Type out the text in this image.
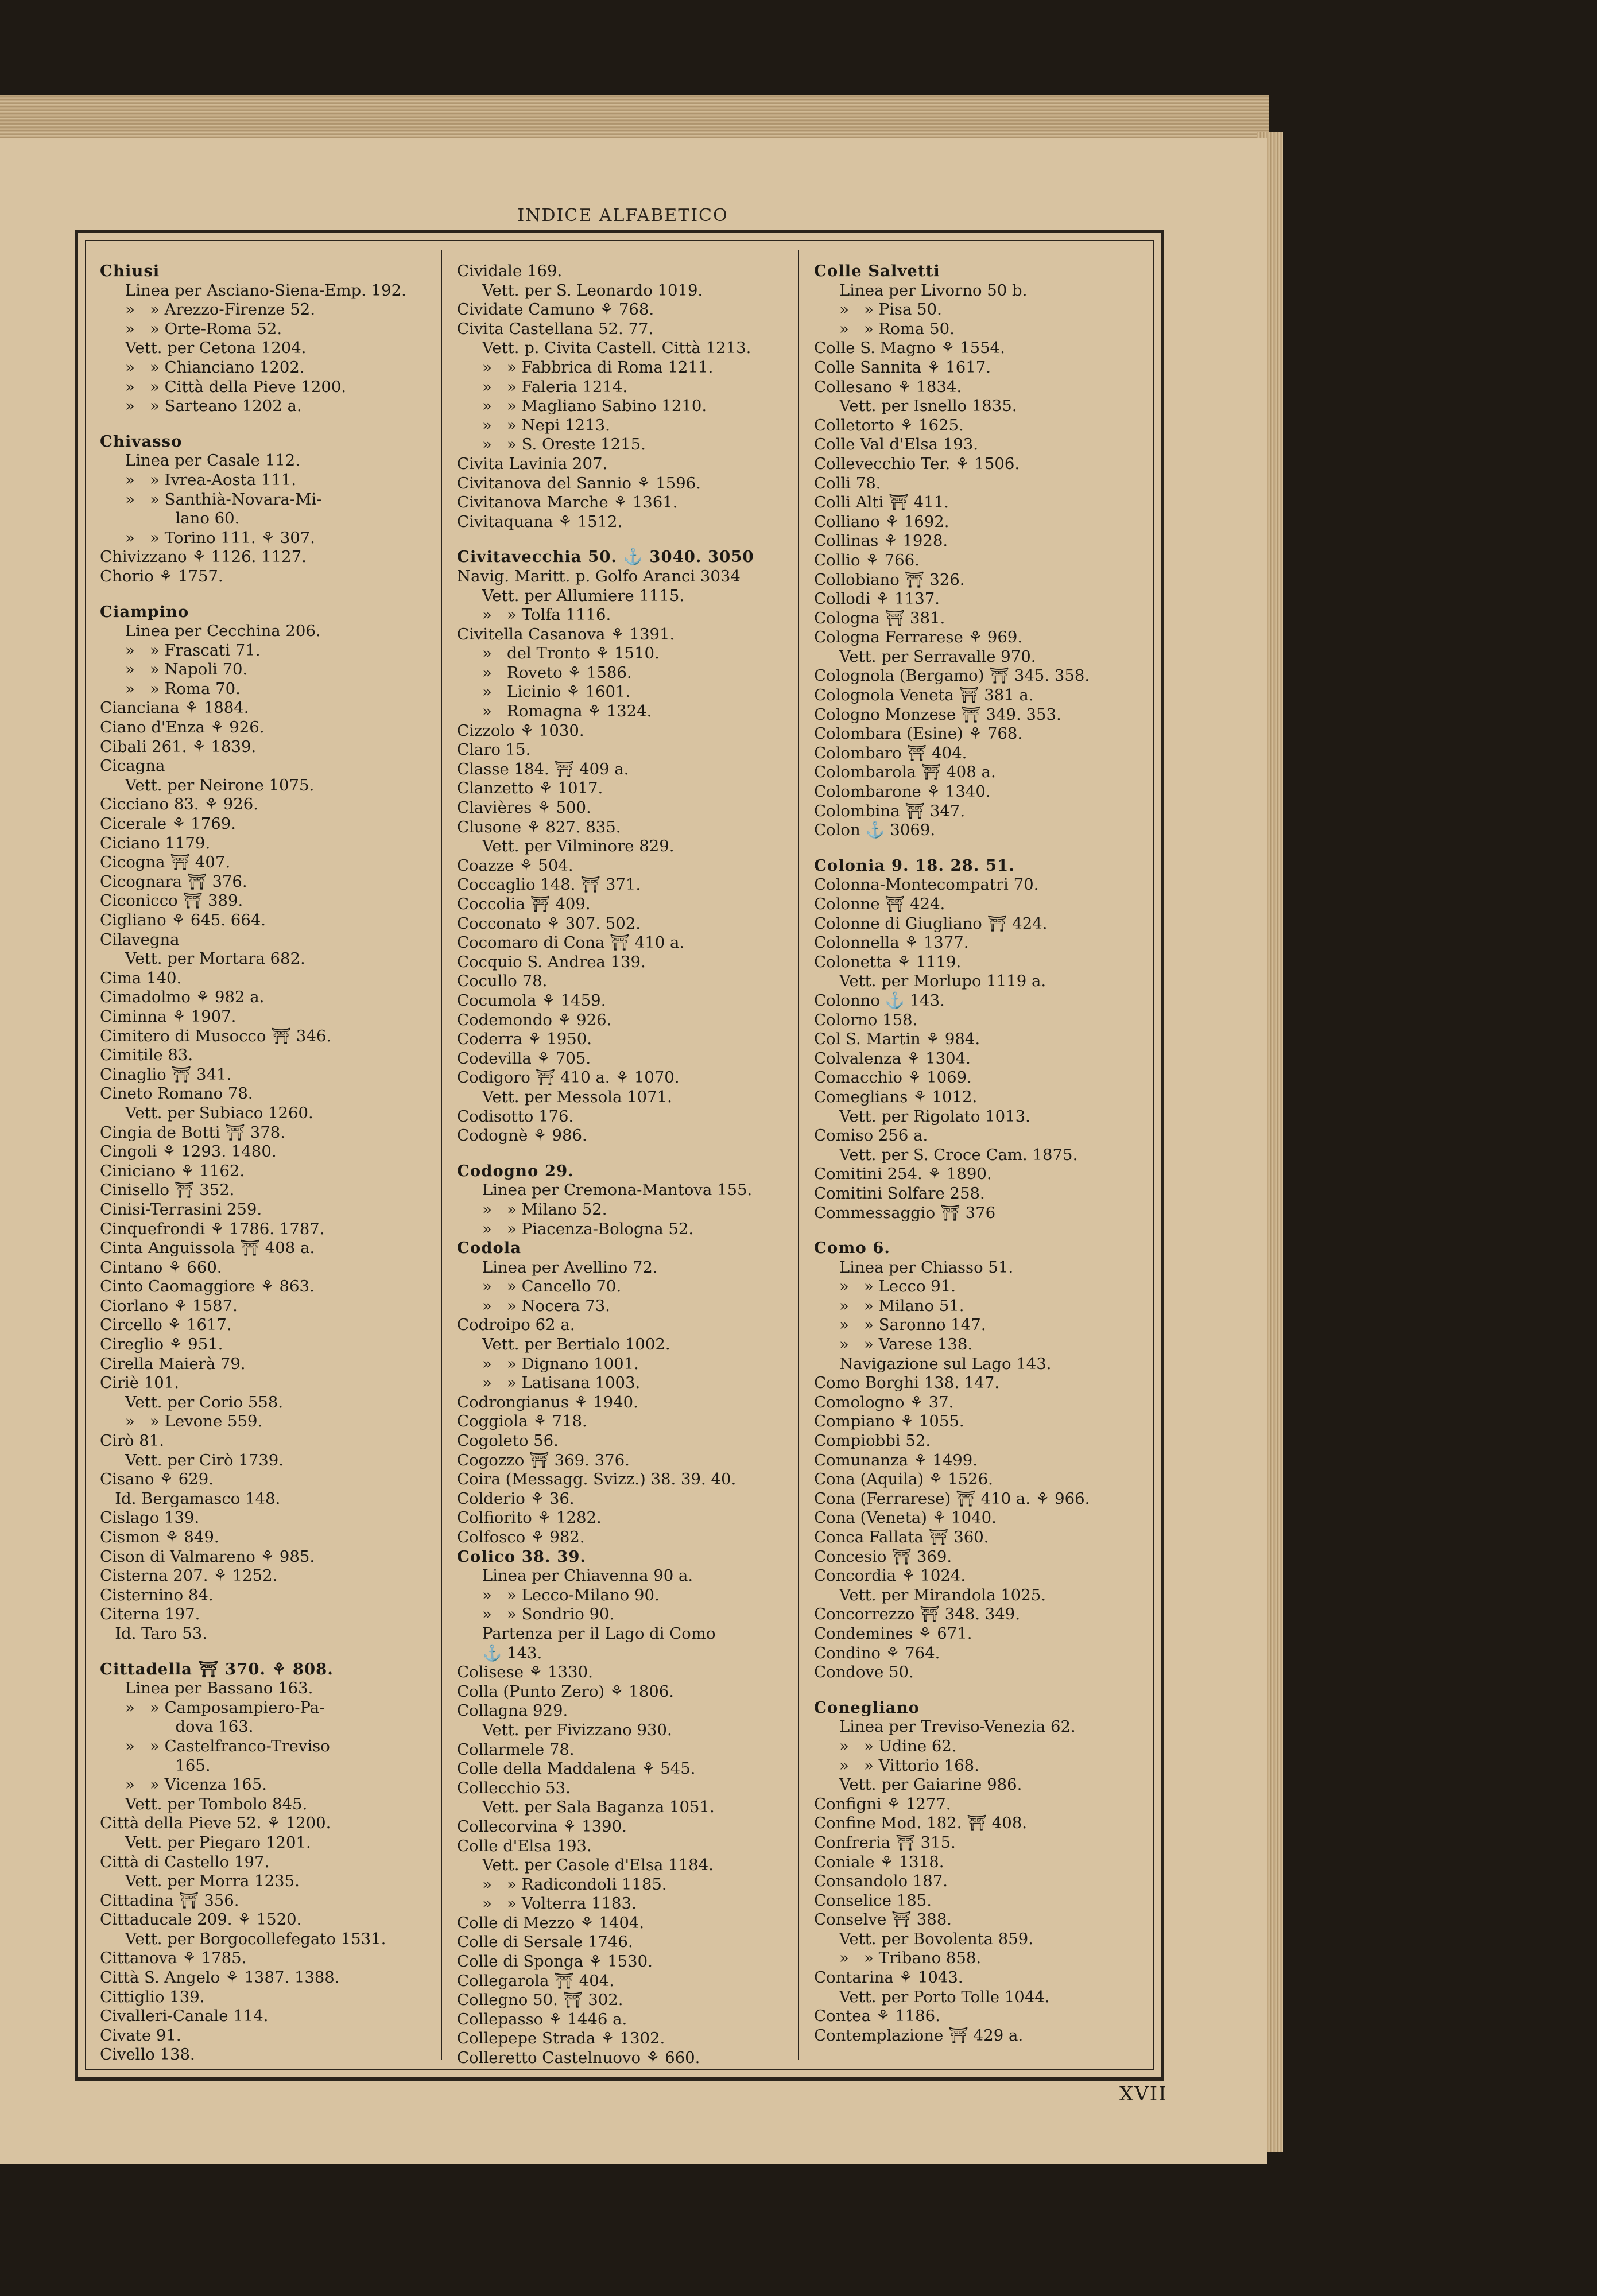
INDICE ALFABETICO
Chiusi
Linea per Asciano-Siena-Emp. 192.
»   » Arezzo-Firenze 52.
»   » Orte-Roma 52.
Vett. per Cetona 1204.
»   » Chianciano 1202.
»   » Città della Pieve 1200.
»   » Sarteano 1202 a.
Chivasso
Linea per Casale 112.
»   » Ivrea-Aosta 111.
»   » Santhià-Novara-Mi-
lano 60.
»   » Torino 111. ⚘ 307.
Chivizzano ⚘ 1126. 1127.
Chorio ⚘ 1757.
Ciampino
Linea per Cecchina 206.
»   » Frascati 71.
»   » Napoli 70.
»   » Roma 70.
Cianciana ⚘ 1884.
Ciano d'Enza ⚘ 926.
Cibali 261. ⚘ 1839.
Cicagna
Vett. per Neirone 1075.
Cicciano 83. ⚘ 926.
Cicerale ⚘ 1769.
Ciciano 1179.
Cicogna ⛩ 407.
Cicognara ⛩ 376.
Ciconicco ⛩ 389.
Cigliano ⚘ 645. 664.
Cilavegna
Vett. per Mortara 682.
Cima 140.
Cimadolmo ⚘ 982 a.
Ciminna ⚘ 1907.
Cimitero di Musocco ⛩ 346.
Cimitile 83.
Cinaglio ⛩ 341.
Cineto Romano 78.
Vett. per Subiaco 1260.
Cingia de Botti ⛩ 378.
Cingoli ⚘ 1293. 1480.
Ciniciano ⚘ 1162.
Cinisello ⛩ 352.
Cinisi-Terrasini 259.
Cinquefrondi ⚘ 1786. 1787.
Cinta Anguissola ⛩ 408 a.
Cintano ⚘ 660.
Cinto Caomaggiore ⚘ 863.
Ciorlano ⚘ 1587.
Circello ⚘ 1617.
Cireglio ⚘ 951.
Cirella Maierà 79.
Ciriè 101.
Vett. per Corio 558.
»   » Levone 559.
Cirò 81.
Vett. per Cirò 1739.
Cisano ⚘ 629.
Id. Bergamasco 148.
Cislago 139.
Cismon ⚘ 849.
Cison di Valmareno ⚘ 985.
Cisterna 207. ⚘ 1252.
Cisternino 84.
Citerna 197.
Id. Taro 53.
Cittadella ⛩ 370. ⚘ 808.
Linea per Bassano 163.
»   » Camposampiero-Pa-
dova 163.
»   » Castelfranco-Treviso
165.
»   » Vicenza 165.
Vett. per Tombolo 845.
Città della Pieve 52. ⚘ 1200.
Vett. per Piegaro 1201.
Città di Castello 197.
Vett. per Morra 1235.
Cittadina ⛩ 356.
Cittaducale 209. ⚘ 1520.
Vett. per Borgocollefegato 1531.
Cittanova ⚘ 1785.
Città S. Angelo ⚘ 1387. 1388.
Cittiglio 139.
Civalleri-Canale 114.
Civate 91.
Civello 138.
Cividale 169.
Vett. per S. Leonardo 1019.
Cividate Camuno ⚘ 768.
Civita Castellana 52. 77.
Vett. p. Civita Castell. Città 1213.
»   » Fabbrica di Roma 1211.
»   » Faleria 1214.
»   » Magliano Sabino 1210.
»   » Nepi 1213.
»   » S. Oreste 1215.
Civita Lavinia 207.
Civitanova del Sannio ⚘ 1596.
Civitanova Marche ⚘ 1361.
Civitaquana ⚘ 1512.
Civitavecchia 50. ⚓ 3040. 3050
Navig. Maritt. p. Golfo Aranci 3034
Vett. per Allumiere 1115.
»   » Tolfa 1116.
Civitella Casanova ⚘ 1391.
»   del Tronto ⚘ 1510.
»   Roveto ⚘ 1586.
»   Licinio ⚘ 1601.
»   Romagna ⚘ 1324.
Cizzolo ⚘ 1030.
Claro 15.
Classe 184. ⛩ 409 a.
Clanzetto ⚘ 1017.
Clavières ⚘ 500.
Clusone ⚘ 827. 835.
Vett. per Vilminore 829.
Coazze ⚘ 504.
Coccaglio 148. ⛩ 371.
Coccolia ⛩ 409.
Cocconato ⚘ 307. 502.
Cocomaro di Cona ⛩ 410 a.
Cocquio S. Andrea 139.
Cocullo 78.
Cocumola ⚘ 1459.
Codemondo ⚘ 926.
Coderra ⚘ 1950.
Codevilla ⚘ 705.
Codigoro ⛩ 410 a. ⚘ 1070.
Vett. per Messola 1071.
Codisotto 176.
Codognè ⚘ 986.
Codogno 29.
Linea per Cremona-Mantova 155.
»   » Milano 52.
»   » Piacenza-Bologna 52.
Codola
Linea per Avellino 72.
»   » Cancello 70.
»   » Nocera 73.
Codroipo 62 a.
Vett. per Bertialo 1002.
»   » Dignano 1001.
»   » Latisana 1003.
Codrongianus ⚘ 1940.
Coggiola ⚘ 718.
Cogoleto 56.
Cogozzo ⛩ 369. 376.
Coira (Messagg. Svizz.) 38. 39. 40.
Colderio ⚘ 36.
Colfiorito ⚘ 1282.
Colfosco ⚘ 982.
Colico 38. 39.
Linea per Chiavenna 90 a.
»   » Lecco-Milano 90.
»   » Sondrio 90.
Partenza per il Lago di Como
⚓ 143.
Colisese ⚘ 1330.
Colla (Punto Zero) ⚘ 1806.
Collagna 929.
Vett. per Fivizzano 930.
Collarmele 78.
Colle della Maddalena ⚘ 545.
Collecchio 53.
Vett. per Sala Baganza 1051.
Collecorvina ⚘ 1390.
Colle d'Elsa 193.
Vett. per Casole d'Elsa 1184.
»   » Radicondoli 1185.
»   » Volterra 1183.
Colle di Mezzo ⚘ 1404.
Colle di Sersale 1746.
Colle di Sponga ⚘ 1530.
Collegarola ⛩ 404.
Collegno 50. ⛩ 302.
Collepasso ⚘ 1446 a.
Collepepe Strada ⚘ 1302.
Colleretto Castelnuovo ⚘ 660.
Colle Salvetti
Linea per Livorno 50 b.
»   » Pisa 50.
»   » Roma 50.
Colle S. Magno ⚘ 1554.
Colle Sannita ⚘ 1617.
Collesano ⚘ 1834.
Vett. per Isnello 1835.
Colletorto ⚘ 1625.
Colle Val d'Elsa 193.
Collevecchio Ter. ⚘ 1506.
Colli 78.
Colli Alti ⛩ 411.
Colliano ⚘ 1692.
Collinas ⚘ 1928.
Collio ⚘ 766.
Collobiano ⛩ 326.
Collodi ⚘ 1137.
Cologna ⛩ 381.
Cologna Ferrarese ⚘ 969.
Vett. per Serravalle 970.
Colognola (Bergamo) ⛩ 345. 358.
Colognola Veneta ⛩ 381 a.
Cologno Monzese ⛩ 349. 353.
Colombara (Esine) ⚘ 768.
Colombaro ⛩ 404.
Colombarola ⛩ 408 a.
Colombarone ⚘ 1340.
Colombina ⛩ 347.
Colon ⚓ 3069.
Colonia 9. 18. 28. 51.
Colonna-Montecompatri 70.
Colonne ⛩ 424.
Colonne di Giugliano ⛩ 424.
Colonnella ⚘ 1377.
Colonetta ⚘ 1119.
Vett. per Morlupo 1119 a.
Colonno ⚓ 143.
Colorno 158.
Col S. Martin ⚘ 984.
Colvalenza ⚘ 1304.
Comacchio ⚘ 1069.
Comeglians ⚘ 1012.
Vett. per Rigolato 1013.
Comiso 256 a.
Vett. per S. Croce Cam. 1875.
Comitini 254. ⚘ 1890.
Comitini Solfare 258.
Commessaggio ⛩ 376
Como 6.
Linea per Chiasso 51.
»   » Lecco 91.
»   » Milano 51.
»   » Saronno 147.
»   » Varese 138.
Navigazione sul Lago 143.
Como Borghi 138. 147.
Comologno ⚘ 37.
Compiano ⚘ 1055.
Compiobbi 52.
Comunanza ⚘ 1499.
Cona (Aquila) ⚘ 1526.
Cona (Ferrarese) ⛩ 410 a. ⚘ 966.
Cona (Veneta) ⚘ 1040.
Conca Fallata ⛩ 360.
Concesio ⛩ 369.
Concordia ⚘ 1024.
Vett. per Mirandola 1025.
Concorrezzo ⛩ 348. 349.
Condemines ⚘ 671.
Condino ⚘ 764.
Condove 50.
Conegliano
Linea per Treviso-Venezia 62.
»   » Udine 62.
»   » Vittorio 168.
Vett. per Gaiarine 986.
Configni ⚘ 1277.
Confine Mod. 182. ⛩ 408.
Confreria ⛩ 315.
Coniale ⚘ 1318.
Consandolo 187.
Conselice 185.
Conselve ⛩ 388.
Vett. per Bovolenta 859.
»   » Tribano 858.
Contarina ⚘ 1043.
Vett. per Porto Tolle 1044.
Contea ⚘ 1186.
Contemplazione ⛩ 429 a.
XVII
